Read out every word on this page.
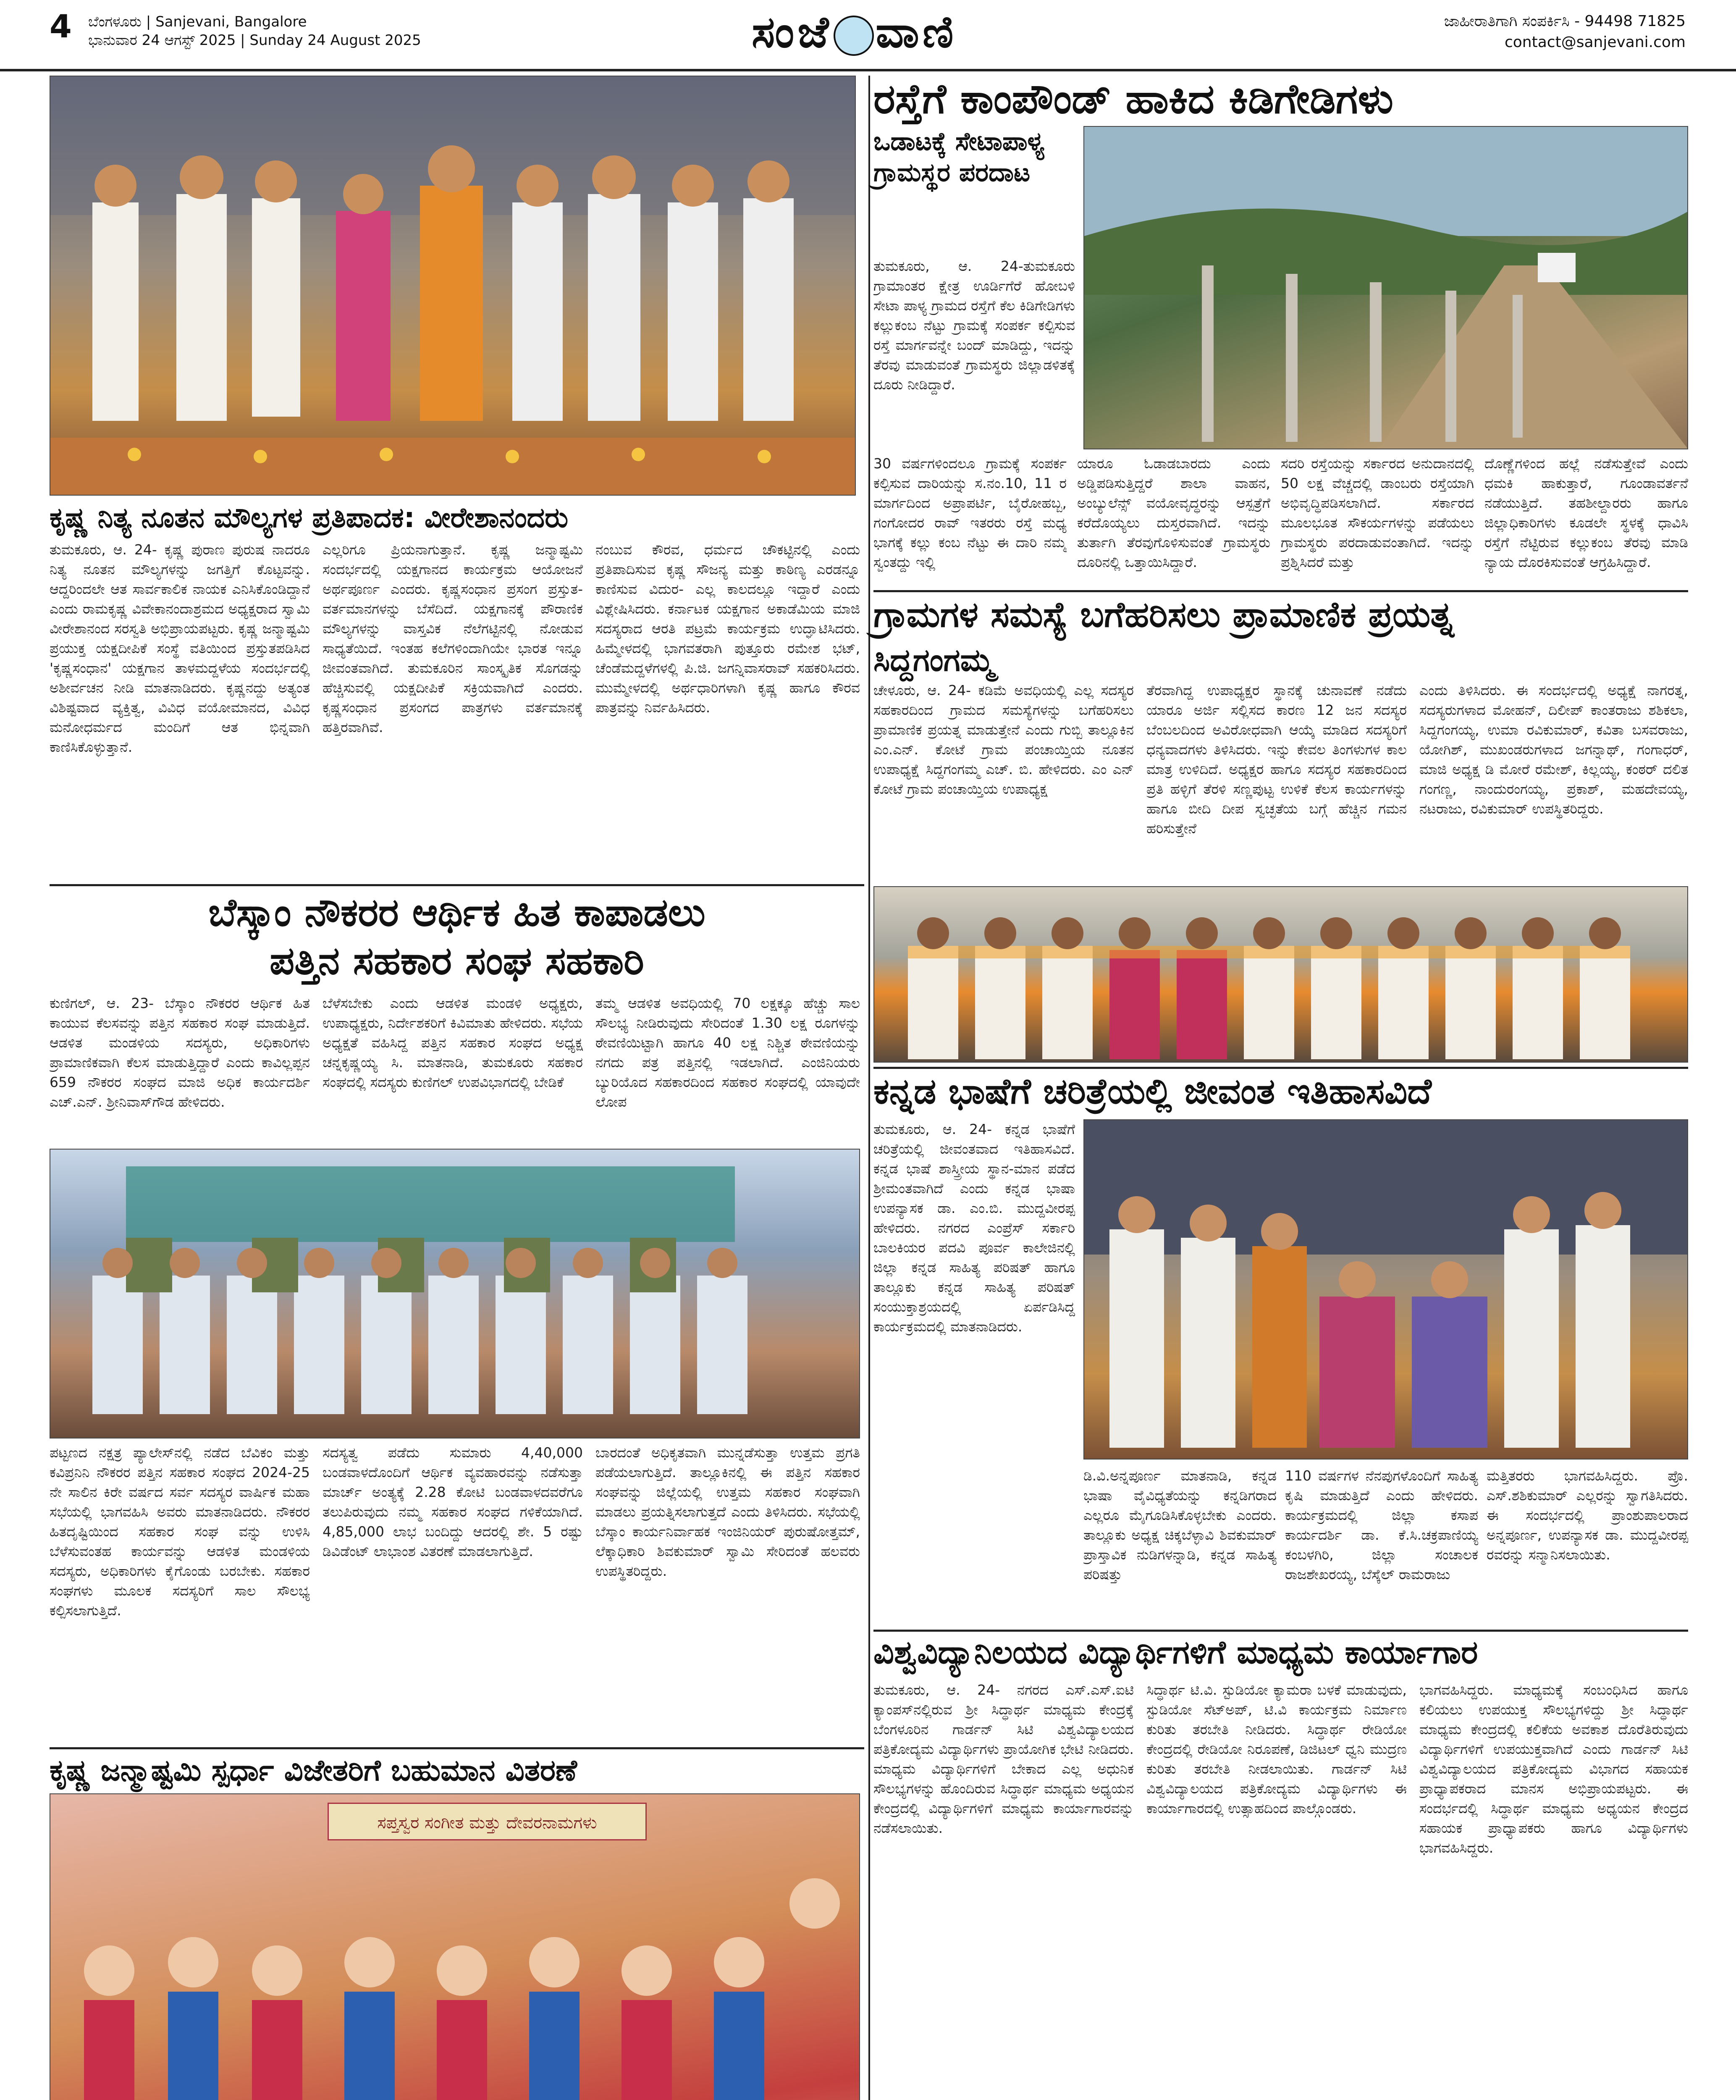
4 ಬೆಂಗಳೂರು | Sanjevani, Bangalore
ಭಾನುವಾರ 24 ಆಗಸ್ಟ್ 2025 | Sunday 24 August 2025	ಸಂಜೆ ವಾಣಿ	ಜಾಹೀರಾತಿಗಾಗಿ ಸಂಪರ್ಕಿಸಿ - 94498 71825
contact@sanjevani.com
ಕೃಷ್ಣ ನಿತ್ಯ ನೂತನ ಮೌಲ್ಯಗಳ ಪ್ರತಿಪಾದಕ: ವೀರೇಶಾನಂದರು
ತುಮಕೂರು, ಆ. 24- ಕೃಷ್ಣ ಪುರಾಣ ಪುರುಷ ನಾದರೂ ನಿತ್ಯ ನೂತನ ಮೌಲ್ಯಗಳನ್ನು ಜಗತ್ತಿಗೆ ಕೊಟ್ಟವನ್ನು. ಆದ್ದರಿಂದಲೇ ಆತ ಸಾರ್ವಕಾಲಿಕ ನಾಯಕ ಎನಿಸಿಕೊಂಡಿದ್ದಾನೆ ಎಂದು ರಾಮಕೃಷ್ಣ ವಿವೇಕಾನಂದಾಶ್ರಮದ ಅಧ್ಯಕ್ಷರಾದ ಸ್ವಾಮಿ ವೀರೇಶಾನಂದ ಸರಸ್ವತಿ ಅಭಿಪ್ರಾಯಪಟ್ಟರು. ಕೃಷ್ಣ ಜನ್ಮಾಷ್ಟಮಿ ಪ್ರಯುಕ್ತ ಯಕ್ಷದೀಪಿಕೆ ಸಂಸ್ಥೆ ವತಿಯಿಂದ ಪ್ರಸ್ತುತಪಡಿಸಿದ 'ಕೃಷ್ಣಸಂಧಾನ' ಯಕ್ಷಗಾನ ತಾಳಮದ್ದಳೆಯ ಸಂದರ್ಭದಲ್ಲಿ ಅಶೀರ್ವಚನ ನೀಡಿ ಮಾತನಾಡಿದರು. ಕೃಷ್ಣನದ್ದು ಅತ್ಯಂತ ವಿಶಿಷ್ಟವಾದ ವ್ಯಕ್ತಿತ್ವ, ವಿವಿಧ ವಯೋಮಾನದ, ವಿವಿಧ ಮನೋಧರ್ಮದ ಮಂದಿಗೆ ಆತ ಭಿನ್ನವಾಗಿ ಕಾಣಿಸಿಕೊಳ್ಳುತ್ತಾನೆ.
ಎಲ್ಲರಿಗೂ ಪ್ರಿಯನಾಗುತ್ತಾನೆ. ಕೃಷ್ಣ ಜನ್ಮಾಷ್ಟಮಿ ಸಂದರ್ಭದಲ್ಲಿ ಯಕ್ಷಗಾನದ ಕಾರ್ಯಕ್ರಮ ಆಯೋಜನೆ ಅರ್ಥಪೂರ್ಣ ಎಂದರು. ಕೃಷ್ಣಸಂಧಾನ ಪ್ರಸಂಗ ಪ್ರಸ್ತುತ-ವರ್ತಮಾನಗಳನ್ನು ಬೆಸೆದಿದೆ. ಯಕ್ಷಗಾನಕ್ಕೆ ಪೌರಾಣಿಕ ಮೌಲ್ಯಗಳನ್ನು ವಾಸ್ತವಿಕ ನೆಲೆಗಟ್ಟಿನಲ್ಲಿ ನೋಡುವ ಸಾಧ್ಯತೆಯಿದೆ. ಇಂತಹ ಕಲೆಗಳಿಂದಾಗಿಯೇ ಭಾರತ ಇನ್ನೂ ಜೀವಂತವಾಗಿದೆ. ತುಮಕೂರಿನ ಸಾಂಸ್ಕೃತಿಕ ಸೊಗಡನ್ನು ಹೆಚ್ಚಿಸುವಲ್ಲಿ ಯಕ್ಷದೀಪಿಕೆ ಸಕ್ರಿಯವಾಗಿದೆ ಎಂದರು. ಕೃಷ್ಣಸಂಧಾನ ಪ್ರಸಂಗದ ಪಾತ್ರಗಳು ವರ್ತಮಾನಕ್ಕೆ ಹತ್ತಿರವಾಗಿವೆ.
ನಂಬುವ ಕೌರವ, ಧರ್ಮದ ಚೌಕಟ್ಟಿನಲ್ಲಿ ಎಂದು ಪ್ರತಿಪಾದಿಸುವ ಕೃಷ್ಣ ಸೌಜನ್ಯ ಮತ್ತು ಕಾಠಿಣ್ಯ ಎರಡನ್ನೂ ಕಾಣಿಸುವ ವಿದುರ- ಎಲ್ಲ ಕಾಲದಲ್ಲೂ ಇದ್ದಾರೆ ಎಂದು ವಿಶ್ಲೇಷಿಸಿದರು. ಕರ್ನಾಟಕ ಯಕ್ಷಗಾನ ಅಕಾಡೆಮಿಯ ಮಾಜಿ ಸದಸ್ಯರಾದ ಆರತಿ ಪಟ್ರಮೆ ಕಾರ್ಯಕ್ರಮ ಉದ್ಘಾಟಿಸಿದರು. ಹಿಮ್ಮೇಳದಲ್ಲಿ ಭಾಗವತರಾಗಿ ಪುತ್ತೂರು ರಮೇಶ ಭಟ್, ಚೆಂಡೆಮದ್ದಳೆಗಳಲ್ಲಿ ಪಿ.ಜಿ. ಜಗನ್ನಿವಾಸರಾವ್ ಸಹಕರಿಸಿದರು. ಮುಮ್ಮೇಳದಲ್ಲಿ ಅರ್ಥಧಾರಿಗಳಾಗಿ ಕೃಷ್ಣ ಹಾಗೂ ಕೌರವ ಪಾತ್ರವನ್ನು ನಿರ್ವಹಿಸಿದರು.
ಬೆಸ್ಕಾಂ ನೌಕರರ ಆರ್ಥಿಕ ಹಿತ ಕಾಪಾಡಲು
ಪತ್ತಿನ ಸಹಕಾರ ಸಂಘ ಸಹಕಾರಿ
ಕುಣಿಗಲ್, ಆ. 23- ಬೆಸ್ಕಾಂ ನೌಕರರ ಆರ್ಥಿಕ ಹಿತ ಕಾಯುವ ಕೆಲಸವನ್ನು ಪತ್ತಿನ ಸಹಕಾರ ಸಂಘ ಮಾಡುತ್ತಿದೆ. ಆಡಳಿತ ಮಂಡಳಿಯ ಸದಸ್ಯರು, ಅಧಿಕಾರಿಗಳು ಪ್ರಾಮಾಣಿಕವಾಗಿ ಕೆಲಸ ಮಾಡುತ್ತಿದ್ದಾರೆ ಎಂದು ಕಾವಿಲ್ಲಪ್ಪನ 659 ನೌಕರರ ಸಂಘದ ಮಾಜಿ ಅಧಿಕ ಕಾರ್ಯದರ್ಶಿ ಎಚ್.ಎನ್. ಶ್ರೀನಿವಾಸ್‌ಗೌಡ ಹೇಳಿದರು.
ಬೆಳೆಸಬೇಕು ಎಂದು ಆಡಳಿತ ಮಂಡಳಿ ಅಧ್ಯಕ್ಷರು, ಉಪಾಧ್ಯಕ್ಷರು, ನಿರ್ದೇಶಕರಿಗೆ ಕಿವಿಮಾತು ಹೇಳಿದರು. ಸಭೆಯ ಅಧ್ಯಕ್ಷತೆ ವಹಿಸಿದ್ದ ಪತ್ತಿನ ಸಹಕಾರ ಸಂಘದ ಅಧ್ಯಕ್ಷ ಚನ್ನಕೃಷ್ಣಯ್ಯ ಸಿ. ಮಾತನಾಡಿ, ತುಮಕೂರು ಸಹಕಾರ ಸಂಘದಲ್ಲಿ ಸದಸ್ಯರು ಕುಣಿಗಲ್ ಉಪವಿಭಾಗದಲ್ಲಿ ಬೇಡಿಕೆ
ತಮ್ಮ ಆಡಳಿತ ಅವಧಿಯಲ್ಲಿ 70 ಲಕ್ಷಕ್ಕೂ ಹೆಚ್ಚು ಸಾಲ ಸೌಲಭ್ಯ ನೀಡಿರುವುದು ಸೇರಿದಂತೆ 1.30 ಲಕ್ಷ ರೂಗಳನ್ನು ಠೇವಣಿಯಿಟ್ಟಾಗಿ ಹಾಗೂ 40 ಲಕ್ಷ ನಿಶ್ಚಿತ ಠೇವಣಿಯನ್ನು ನಗದು ಪತ್ರ ಪತ್ತಿನಲ್ಲಿ ಇಡಲಾಗಿದೆ. ಎಂಜಿನಿಯರು ಬ್ಯುರಿಯೊದ ಸಹಕಾರದಿಂದ ಸಹಕಾರ ಸಂಘದಲ್ಲಿ ಯಾವುದೇ ಲೋಪ
ಪಟ್ಟಣದ ನಕ್ಷತ್ರ ಪ್ಯಾಲೇಸ್‌ನಲ್ಲಿ ನಡೆದ ಬೆವಿಕಂ ಮತ್ತು ಕವಿಪ್ರನಿನಿ ನೌಕರರ ಪತ್ತಿನ ಸಹಕಾರ ಸಂಘದ 2024-25 ನೇ ಸಾಲಿನ ಕಿರೇ ವರ್ಷದ ಸರ್ವ ಸದಸ್ಯರ ವಾರ್ಷಿಕ ಮಹಾ ಸಭೆಯಲ್ಲಿ ಭಾಗವಹಿಸಿ ಅವರು ಮಾತನಾಡಿದರು. ನೌಕರರ ಹಿತದೃಷ್ಟಿಯಿಂದ ಸಹಕಾರ ಸಂಘ ವನ್ನು ಉಳಿಸಿ ಬೆಳೆಸುವಂತಹ ಕಾರ್ಯವನ್ನು ಆಡಳಿತ ಮಂಡಳಿಯ ಸದಸ್ಯರು, ಅಧಿಕಾರಿಗಳು ಕೈಗೊಂಡು ಬರಬೇಕು. ಸಹಕಾರ ಸಂಘಗಳು ಮೂಲಕ ಸದಸ್ಯರಿಗೆ ಸಾಲ ಸೌಲಭ್ಯ ಕಲ್ಪಿಸಲಾಗುತ್ತಿದೆ.
ಸದಸ್ಯತ್ವ ಪಡೆದು ಸುಮಾರು 4,40,000 ಬಂಡವಾಳದೊಂದಿಗೆ ಆರ್ಥಿಕ ವ್ಯವಹಾರವನ್ನು ನಡೆಸುತ್ತಾ ಮಾರ್ಚ್ ಅಂತ್ಯಕ್ಕೆ 2.28 ಕೋಟಿ ಬಂಡವಾಳದವರೆಗೂ ತಲುಪಿರುವುದು ನಮ್ಮ ಸಹಕಾರ ಸಂಘದ ಗಳಿಕೆಯಾಗಿದೆ. 4,85,000 ಲಾಭ ಬಂದಿದ್ದು ಆದರಲ್ಲಿ ಶೇ. 5 ರಷ್ಟು ಡಿವಿಡೆಂಟ್ ಲಾಭಾಂಶ ವಿತರಣೆ ಮಾಡಲಾಗುತ್ತಿದೆ.
ಬಾರದಂತೆ ಅಧಿಕೃತವಾಗಿ ಮುನ್ನಡೆಸುತ್ತಾ ಉತ್ತಮ ಪ್ರಗತಿ ಪಡೆಯಲಾಗುತ್ತಿದೆ. ತಾಲ್ಲೂಕಿನಲ್ಲಿ ಈ ಪತ್ತಿನ ಸಹಕಾರ ಸಂಘವನ್ನು ಜಿಲ್ಲೆಯಲ್ಲಿ ಉತ್ತಮ ಸಹಕಾರ ಸಂಘವಾಗಿ ಮಾಡಲು ಪ್ರಯತ್ನಿಸಲಾಗುತ್ತದೆ ಎಂದು ತಿಳಿಸಿದರು. ಸಭೆಯಲ್ಲಿ ಬೆಸ್ಕಾಂ ಕಾರ್ಯನಿರ್ವಾಹಕ ಇಂಜಿನಿಯರ್ ಪುರುಷೋತ್ತಮ್, ಲೆಕ್ಕಾಧಿಕಾರಿ ಶಿವಕುಮಾರ್ ಸ್ವಾಮಿ ಸೇರಿದಂತೆ ಹಲವರು ಉಪಸ್ಥಿತರಿದ್ದರು.
ಕೃಷ್ಣ ಜನ್ಮಾಷ್ಟಮಿ ಸ್ಪರ್ಧಾ ವಿಜೇತರಿಗೆ ಬಹುಮಾನ ವಿತರಣೆ
ಸಪ್ತಸ್ವರ ಸಂಗೀತ ಮತ್ತು ದೇವರನಾಮಗಳು
ರಸ್ತೆಗೆ ಕಾಂಪೌಂಡ್ ಹಾಕಿದ ಕಿಡಿಗೇಡಿಗಳು
ಒಡಾಟಕ್ಕೆ ಸೇಟಾಪಾಳ್ಯ ಗ್ರಾಮಸ್ಥರ ಪರದಾಟ
ತುಮಕೂರು, ಆ. 24-ತುಮಕೂರು ಗ್ರಾಮಾಂತರ ಕ್ಷೇತ್ರ ಊರ್ಡಿಗೆರೆ ಹೋಬಳಿ ಸೇಟಾ ಪಾಳ್ಯ ಗ್ರಾಮದ ರಸ್ತೆಗೆ ಕೆಲ ಕಿಡಿಗೇಡಿಗಳು ಕಲ್ಲುಕಂಬ ನೆಟ್ಟು ಗ್ರಾಮಕ್ಕೆ ಸಂಪರ್ಕ ಕಲ್ಪಿಸುವ ರಸ್ತೆ ಮಾರ್ಗವನ್ನೇ ಬಂದ್ ಮಾಡಿದ್ದು, ಇದನ್ನು ತೆರವು ಮಾಡುವಂತೆ ಗ್ರಾಮಸ್ಥರು ಜಿಲ್ಲಾಡಳಿತಕ್ಕೆ ದೂರು ನೀಡಿದ್ದಾರೆ.
30 ವರ್ಷಗಳಿಂದಲೂ ಗ್ರಾಮಕ್ಕೆ ಸಂಪರ್ಕ ಕಲ್ಪಿಸುವ ದಾರಿಯನ್ನು ಸ.ನಂ.10, 11 ರ ಮಾರ್ಗದಿಂದ ಅಪ್ರಾಪರ್ಟಿ, ಬೈರೋಹಬ್ಬ, ಗಂಗೋದರ ರಾವ್ ಇತರರು ರಸ್ತೆ ಮಧ್ಯ ಭಾಗಕ್ಕೆ ಕಲ್ಲು ಕಂಬ ನೆಟ್ಟು ಈ ದಾರಿ ನಮ್ಮ ಸ್ವಂತದ್ದು ಇಲ್ಲಿ
ಯಾರೂ ಓಡಾಡಬಾರದು ಎಂದು ಅಡ್ಡಿಪಡಿಸುತ್ತಿದ್ದರೆ ಶಾಲಾ ವಾಹನ, ಅಂಬ್ಯುಲೆನ್ಸ್ ವಯೋವೃದ್ಧರನ್ನು ಆಸ್ಪತ್ರೆಗೆ ಕರೆದೊಯ್ಯಲು ದುಸ್ತರವಾಗಿದೆ. ಇದನ್ನು ತುರ್ತಾಗಿ ತೆರವುಗೊಳಿಸುವಂತೆ ಗ್ರಾಮಸ್ಥರು ದೂರಿನಲ್ಲಿ ಒತ್ತಾಯಿಸಿದ್ದಾರೆ.
ಸದರಿ ರಸ್ತೆಯನ್ನು ಸರ್ಕಾರದ ಅನುದಾನದಲ್ಲಿ 50 ಲಕ್ಷ ವೆಚ್ಚದಲ್ಲಿ ಡಾಂಬರು ರಸ್ತೆಯಾಗಿ ಅಭಿವೃದ್ಧಿಪಡಿಸಲಾಗಿದೆ. ಸರ್ಕಾರದ ಮೂಲಭೂತ ಸೌಕರ್ಯಗಳನ್ನು ಪಡೆಯಲು ಗ್ರಾಮಸ್ಥರು ಪರದಾಡುವಂತಾಗಿದೆ. ಇದನ್ನು ಪ್ರಶ್ನಿಸಿದರೆ ಮತ್ತು
ದೊಣ್ಣೆಗಳಿಂದ ಹಲ್ಲೆ ನಡೆಸುತ್ತೇವೆ ಎಂದು ಧಮಕಿ ಹಾಕುತ್ತಾರೆ, ಗೂಂಡಾವರ್ತನೆ ನಡೆಯುತ್ತಿದೆ. ತಹಶೀಲ್ದಾರರು ಹಾಗೂ ಜಿಲ್ಲಾಧಿಕಾರಿಗಳು ಕೂಡಲೇ ಸ್ಥಳಕ್ಕೆ ಧಾವಿಸಿ ರಸ್ತೆಗೆ ನೆಟ್ಟಿರುವ ಕಲ್ಲುಕಂಬ ತೆರವು ಮಾಡಿ ನ್ಯಾಯ ದೊರಕಿಸುವಂತೆ ಆಗ್ರಹಿಸಿದ್ದಾರೆ.
ಗ್ರಾಮಗಳ ಸಮಸ್ಯೆ ಬಗೆಹರಿಸಲು ಪ್ರಾಮಾಣಿಕ ಪ್ರಯತ್ನ
ಸಿದ್ದಗಂಗಮ್ಮ
ಚೇಳೂರು, ಆ. 24- ಕಡಿಮೆ ಅವಧಿಯಲ್ಲಿ ಎಲ್ಲ ಸದಸ್ಯರ ಸಹಕಾರದಿಂದ ಗ್ರಾಮದ ಸಮಸ್ಯೆಗಳನ್ನು ಬಗೆಹರಿಸಲು ಪ್ರಾಮಾಣಿಕ ಪ್ರಯತ್ನ ಮಾಡುತ್ತೇನೆ ಎಂದು ಗುಬ್ಬಿ ತಾಲ್ಲೂಕಿನ ಎಂ.ಎನ್. ಕೋಟೆ ಗ್ರಾಮ ಪಂಚಾಯ್ತಿಯ ನೂತನ ಉಪಾಧ್ಯಕ್ಷೆ ಸಿದ್ದಗಂಗಮ್ಮ ಎಚ್. ಬಿ. ಹೇಳಿದರು. ಎಂ ಎನ್ ಕೋಟೆ ಗ್ರಾಮ ಪಂಚಾಯ್ತಿಯ ಉಪಾಧ್ಯಕ್ಷ
ತೆರವಾಗಿದ್ದ ಉಪಾಧ್ಯಕ್ಷರ ಸ್ಥಾನಕ್ಕೆ ಚುನಾವಣೆ ನಡೆದು ಯಾರೂ ಅರ್ಜಿ ಸಲ್ಲಿಸದ ಕಾರಣ 12 ಜನ ಸದಸ್ಯರ ಬೆಂಬಲದಿಂದ ಅವಿರೋಧವಾಗಿ ಆಯ್ಕೆ ಮಾಡಿದ ಸದಸ್ಯರಿಗೆ ಧನ್ಯವಾದಗಳು ತಿಳಿಸಿದರು. ಇನ್ನು ಕೇವಲ ತಿಂಗಳುಗಳ ಕಾಲ ಮಾತ್ರ ಉಳಿದಿದೆ. ಅಧ್ಯಕ್ಷರ ಹಾಗೂ ಸದಸ್ಯರ ಸಹಕಾರದಿಂದ ಪ್ರತಿ ಹಳ್ಳಿಗೆ ತೆರಳಿ ಸಣ್ಣಪುಟ್ಟ ಉಳಿಕೆ ಕೆಲಸ ಕಾರ್ಯಗಳನ್ನು ಹಾಗೂ ಬೀದಿ ದೀಪ ಸ್ವಚ್ಛತೆಯ ಬಗ್ಗೆ ಹೆಚ್ಚಿನ ಗಮನ ಹರಿಸುತ್ತೇನೆ
ಎಂದು ತಿಳಿಸಿದರು. ಈ ಸಂದರ್ಭದಲ್ಲಿ ಅಧ್ಯಕ್ಷೆ ನಾಗರತ್ನ, ಸದಸ್ಯರುಗಳಾದ ಮೋಹನ್, ದಿಲೀಪ್ ಕಾಂತರಾಜು ಶಶಿಕಲಾ, ಸಿದ್ದಗಂಗಯ್ಯ, ಉಮಾ ರವಿಕುಮಾರ್, ಕವಿತಾ ಬಸವರಾಜು, ಯೋಗಿಶ್, ಮುಖಂಡರುಗಳಾದ ಜಗನ್ನಾಥ್, ಗಂಗಾಧರ್, ಮಾಜಿ ಅಧ್ಯಕ್ಷ ಡಿ ಮೋರೆ ರಮೇಶ್, ಕಿಲ್ಲಯ್ಯ, ಕಂಠರ್ ದಲಿತ ಗಂಗಣ್ಣ, ನಾಂದುರಂಗಯ್ಯ, ಪ್ರಕಾಶ್, ಮಹದೇವಯ್ಯ, ನಟರಾಜು, ರವಿಕುಮಾರ್ ಉಪಸ್ಥಿತರಿದ್ದರು.
ಕನ್ನಡ ಭಾಷೆಗೆ ಚರಿತ್ರೆಯಲ್ಲಿ ಜೀವಂತ ಇತಿಹಾಸವಿದೆ
ತುಮಕೂರು, ಆ. 24- ಕನ್ನಡ ಭಾಷೆಗೆ ಚರಿತ್ರೆಯಲ್ಲಿ ಜೀವಂತವಾದ ಇತಿಹಾಸವಿದೆ. ಕನ್ನಡ ಭಾಷೆ ಶಾಸ್ತ್ರೀಯ ಸ್ಥಾನ-ಮಾನ ಪಡೆದ ಶ್ರೀಮಂತವಾಗಿದೆ ಎಂದು ಕನ್ನಡ ಭಾಷಾ ಉಪನ್ಯಾಸಕ ಡಾ. ಎಂ.ಬಿ. ಮುದ್ದವೀರಪ್ಪ ಹೇಳಿದರು. ನಗರದ ಎಂಪ್ರೆಸ್ ಸರ್ಕಾರಿ ಬಾಲಕಿಯರ ಪದವಿ ಪೂರ್ವ ಕಾಲೇಜಿನಲ್ಲಿ ಜಿಲ್ಲಾ ಕನ್ನಡ ಸಾಹಿತ್ಯ ಪರಿಷತ್ ಹಾಗೂ ತಾಲ್ಲೂಕು ಕನ್ನಡ ಸಾಹಿತ್ಯ ಪರಿಷತ್ ಸಂಯುಕ್ತಾಶ್ರಯದಲ್ಲಿ ಏರ್ಪಡಿಸಿದ್ದ ಕಾರ್ಯಕ್ರಮದಲ್ಲಿ ಮಾತನಾಡಿದರು.
ಡಿ.ವಿ.ಅನ್ನಪೂರ್ಣ ಮಾತನಾಡಿ, ಕನ್ನಡ ಭಾಷಾ ವೈವಿಧ್ಯತೆಯನ್ನು ಕನ್ನಡಿಗರಾದ ಎಲ್ಲರೂ ಮೈಗೂಡಿಸಿಕೊಳ್ಳಬೇಕು ಎಂದರು. ತಾಲ್ಲೂಕು ಅಧ್ಯಕ್ಷ ಚಿಕ್ಕಬೆಳ್ಳಾವಿ ಶಿವಕುಮಾರ್ ಪ್ರಾಸ್ತಾವಿಕ ನುಡಿಗಳನ್ನಾಡಿ, ಕನ್ನಡ ಸಾಹಿತ್ಯ ಪರಿಷತ್ತು
110 ವರ್ಷಗಳ ನೆನಪುಗಳೊಂದಿಗೆ ಸಾಹಿತ್ಯ ಕೃಷಿ ಮಾಡುತ್ತಿದೆ ಎಂದು ಹೇಳಿದರು. ಕಾರ್ಯಕ್ರಮದಲ್ಲಿ ಜಿಲ್ಲಾ ಕಸಾಪ ಕಾರ್ಯದರ್ಶಿ ಡಾ. ಕೆ.ಸಿ.ಚಕ್ರಪಾಣಿಯ್ಯ ಕಂಬಳಗಿರಿ, ಜಿಲ್ಲಾ ಸಂಚಾಲಕ ರಾಜಶೇಖರಯ್ಯ, ಬೆಸ್ಕೆಲ್ ರಾಮರಾಜು
ಮತ್ತಿತರರು ಭಾಗವಹಿಸಿದ್ದರು. ಪ್ರೊ. ಎಸ್.ಶಶಿಕುಮಾರ್ ಎಲ್ಲರನ್ನು ಸ್ವಾಗತಿಸಿದರು. ಈ ಸಂದರ್ಭದಲ್ಲಿ ಪ್ರಾಂಶುಪಾಲರಾದ ಅನ್ನಪೂರ್ಣ, ಉಪನ್ಯಾಸಕ ಡಾ. ಮುದ್ದವೀರಪ್ಪ ರವರನ್ನು ಸನ್ಮಾನಿಸಲಾಯಿತು.
ವಿಶ್ವವಿದ್ಯಾನಿಲಯದ ವಿದ್ಯಾರ್ಥಿಗಳಿಗೆ ಮಾಧ್ಯಮ ಕಾರ್ಯಾಗಾರ
ತುಮಕೂರು, ಆ. 24- ನಗರದ ಎಸ್.ಎಸ್.ಐಟಿ ಕ್ಯಾಂಪಸ್‌ನಲ್ಲಿರುವ ಶ್ರೀ ಸಿದ್ಧಾರ್ಥ ಮಾಧ್ಯಮ ಕೇಂದ್ರಕ್ಕೆ ಬೆಂಗಳೂರಿನ ಗಾರ್ಡನ್ ಸಿಟಿ ವಿಶ್ವವಿದ್ಯಾಲಯದ ಪತ್ರಿಕೋದ್ಯಮ ವಿದ್ಯಾರ್ಥಿಗಳು ಪ್ರಾಯೋಗಿಕ ಭೇಟಿ ನೀಡಿದರು. ಮಾಧ್ಯಮ ವಿದ್ಯಾರ್ಥಿಗಳಿಗೆ ಬೇಕಾದ ಎಲ್ಲ ಅಧುನಿಕ ಸೌಲಭ್ಯಗಳನ್ನು ಹೊಂದಿರುವ ಸಿದ್ಧಾರ್ಥ ಮಾಧ್ಯಮ ಅಧ್ಯಯನ ಕೇಂದ್ರದಲ್ಲಿ ವಿದ್ಯಾರ್ಥಿಗಳಿಗೆ ಮಾಧ್ಯಮ ಕಾರ್ಯಾಗಾರವನ್ನು ನಡೆಸಲಾಯಿತು.
ಸಿದ್ಧಾರ್ಥ ಟಿ.ವಿ. ಸ್ಟುಡಿಯೋ ಕ್ಯಾಮರಾ ಬಳಕೆ ಮಾಡುವುದು, ಸ್ಟುಡಿಯೋ ಸೆಟ್‌ಅಪ್, ಟಿ.ವಿ ಕಾರ್ಯಕ್ರಮ ನಿರ್ಮಾಣ ಕುರಿತು ತರಬೇತಿ ನೀಡಿದರು. ಸಿದ್ಧಾರ್ಥ ರೇಡಿಯೋ ಕೇಂದ್ರದಲ್ಲಿ ರೇಡಿಯೋ ನಿರೂಪಣೆ, ಡಿಜಿಟಲ್ ಧ್ವನಿ ಮುದ್ರಣ ಕುರಿತು ತರಬೇತಿ ನೀಡಲಾಯಿತು. ಗಾರ್ಡನ್ ಸಿಟಿ ವಿಶ್ವವಿದ್ಯಾಲಯದ ಪತ್ರಿಕೋದ್ಯಮ ವಿದ್ಯಾರ್ಥಿಗಳು ಈ ಕಾರ್ಯಾಗಾರದಲ್ಲಿ ಉತ್ಸಾಹದಿಂದ ಪಾಲ್ಗೊಂಡರು.
ಭಾಗವಹಿಸಿದ್ದರು. ಮಾಧ್ಯಮಕ್ಕೆ ಸಂಬಂಧಿಸಿದ ಹಾಗೂ ಕಲಿಯಲು ಉಪಯುಕ್ತ ಸೌಲಭ್ಯಗಳಿದ್ದು ಶ್ರೀ ಸಿದ್ಧಾರ್ಥ ಮಾಧ್ಯಮ ಕೇಂದ್ರದಲ್ಲಿ ಕಲಿಕೆಯ ಅವಕಾಶ ದೊರೆತಿರುವುದು ವಿದ್ಯಾರ್ಥಿಗಳಿಗೆ ಉಪಯುಕ್ತವಾಗಿದೆ ಎಂದು ಗಾರ್ಡನ್ ಸಿಟಿ ವಿಶ್ವವಿದ್ಯಾಲಯದ ಪತ್ರಿಕೋದ್ಯಮ ವಿಭಾಗದ ಸಹಾಯಕ ಪ್ರಾಧ್ಯಾಪಕರಾದ ಮಾನಸ ಅಭಿಪ್ರಾಯಪಟ್ಟರು. ಈ ಸಂದರ್ಭದಲ್ಲಿ ಸಿದ್ಧಾರ್ಥ ಮಾಧ್ಯಮ ಅಧ್ಯಯನ ಕೇಂದ್ರದ ಸಹಾಯಕ ಪ್ರಾಧ್ಯಾಪಕರು ಹಾಗೂ ವಿದ್ಯಾರ್ಥಿಗಳು ಭಾಗವಹಿಸಿದ್ದರು.
